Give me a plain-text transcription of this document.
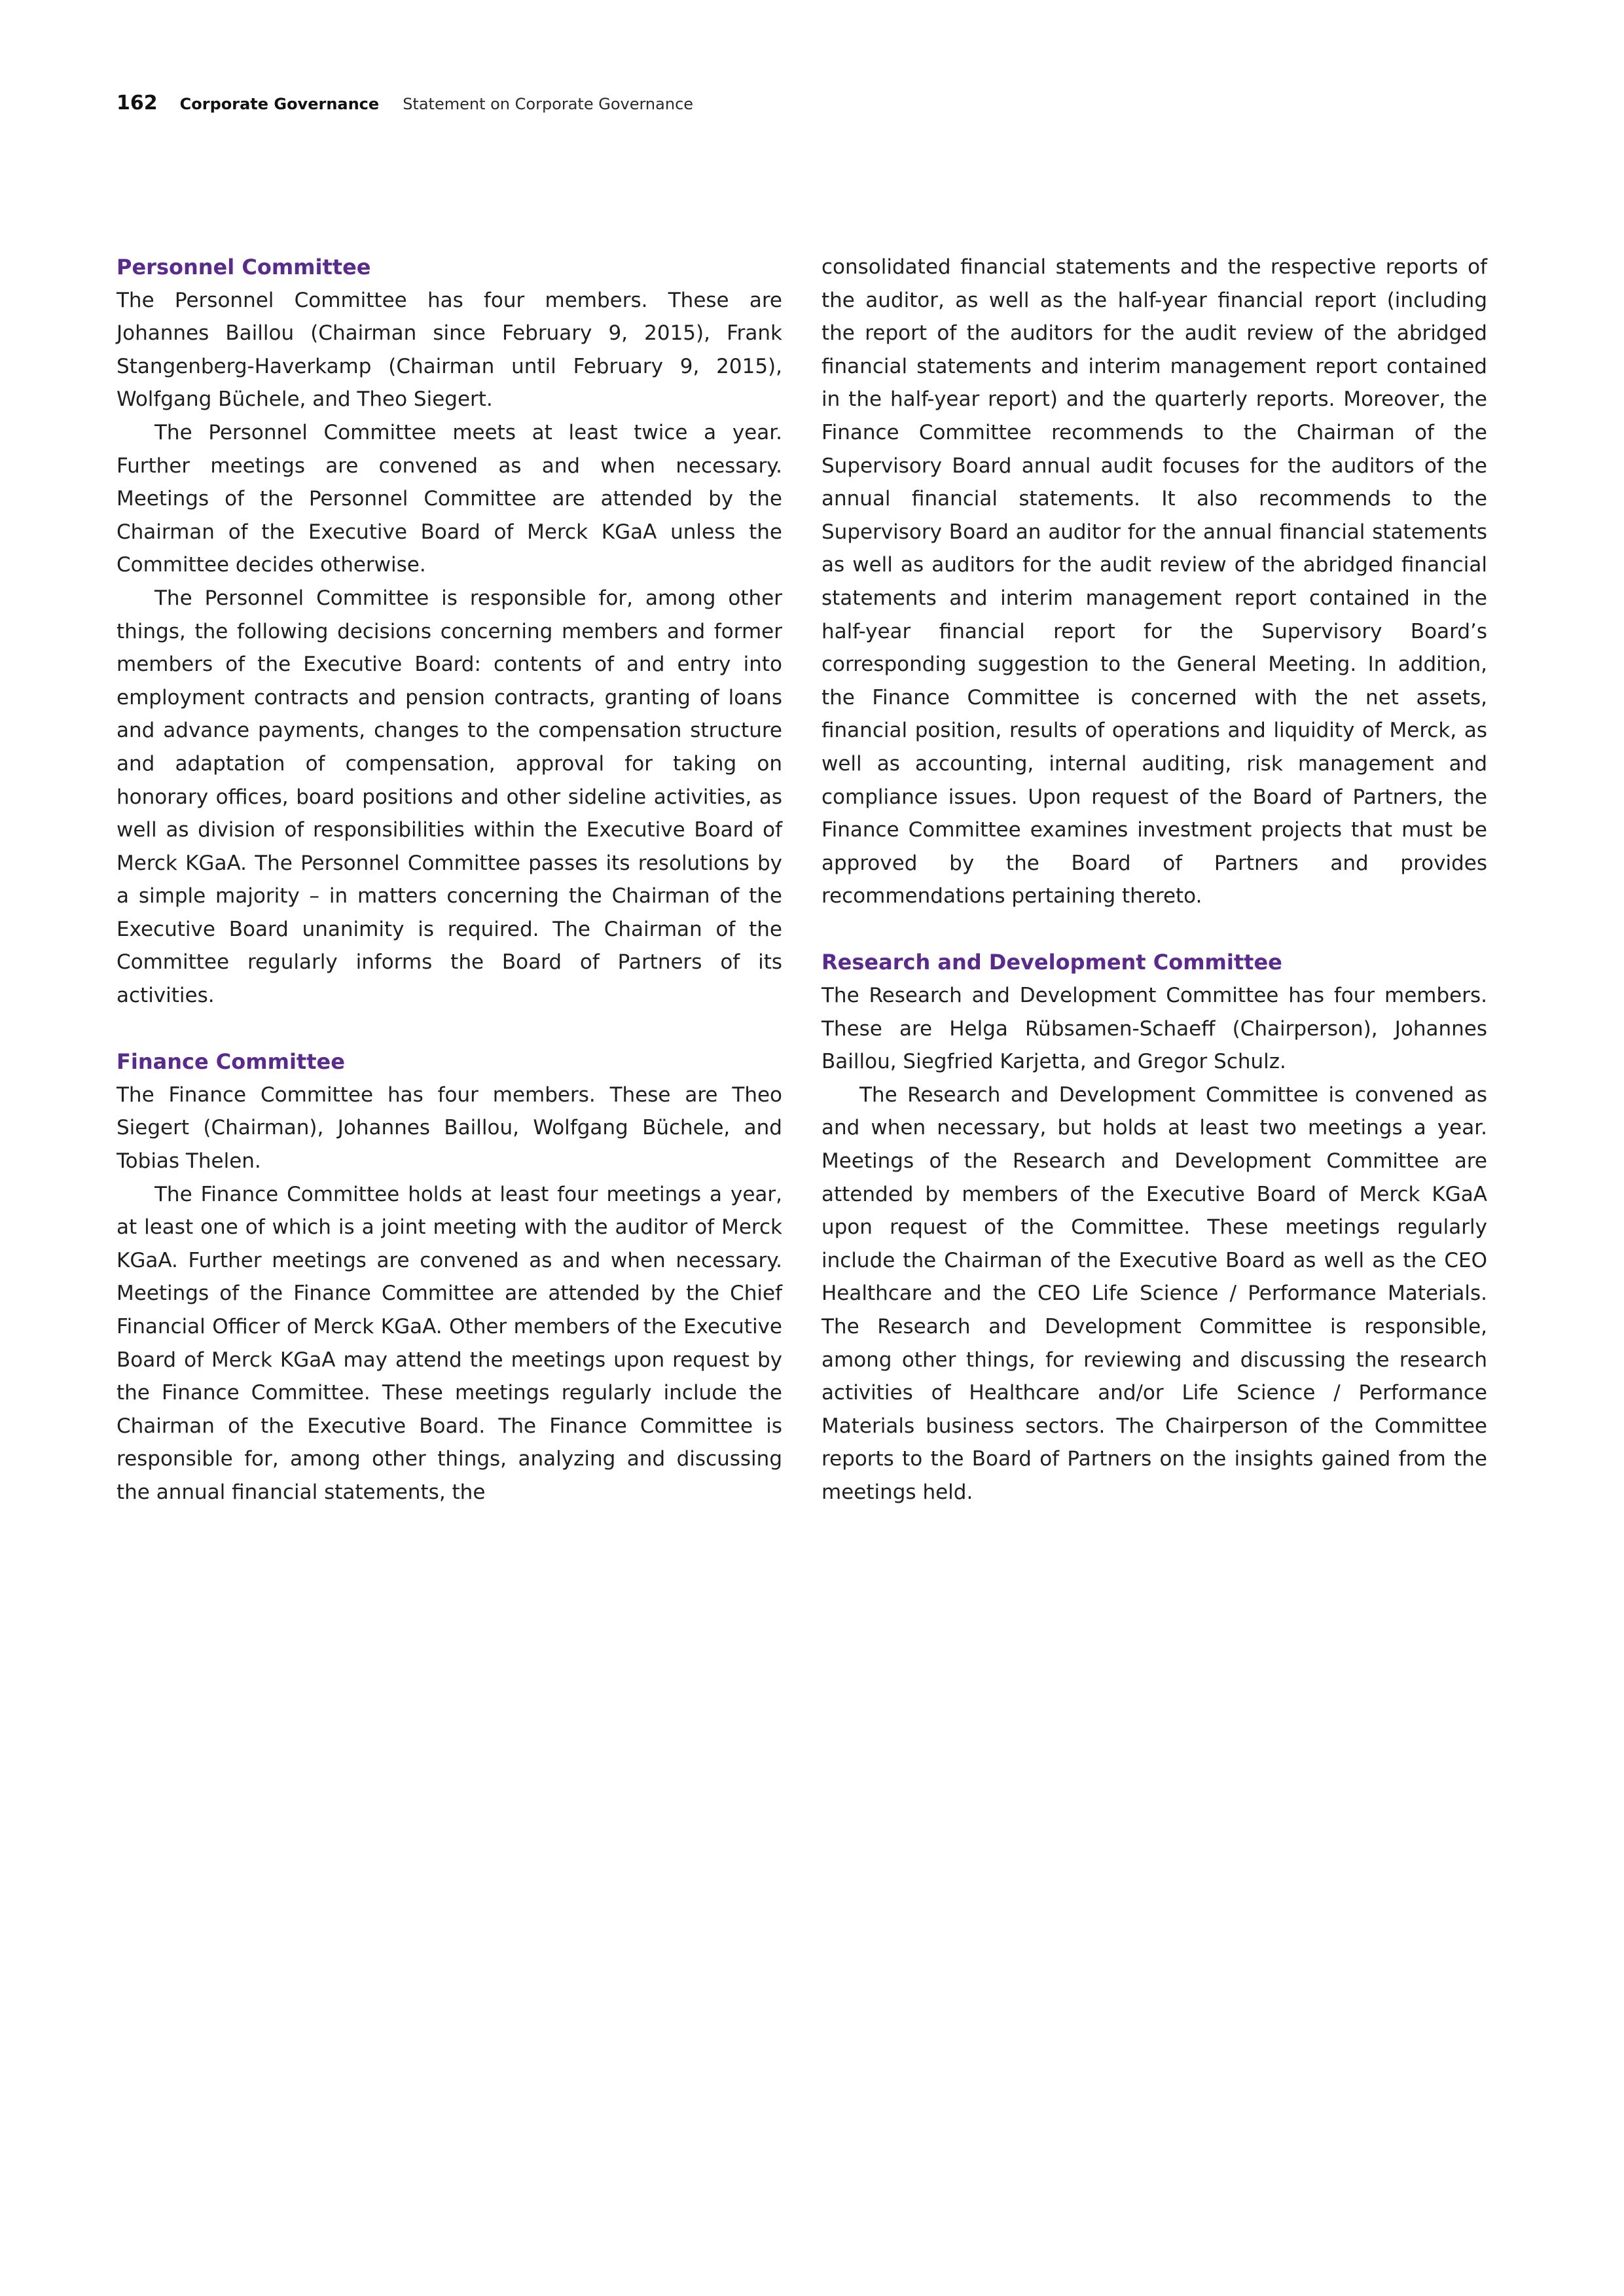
162 Corporate Governance Statement on Corporate Governance
Personnel Committee

The Personnel Committee has four members. These are Johannes Baillou (Chairman since February 9, 2015), Frank Stangenberg-Haverkamp (Chairman until February 9, 2015), Wolfgang Büchele, and Theo Siegert.

The Personnel Committee meets at least twice a year. Further meetings are convened as and when necessary. Meetings of the Personnel Committee are attended by the Chairman of the Executive Board of Merck KGaA unless the Committee decides otherwise.

The Personnel Committee is responsible for, among other things, the following decisions concerning members and former members of the Executive Board: contents of and entry into employment contracts and pension contracts, granting of loans and advance payments, changes to the compensation structure and adaptation of compensation, approval for taking on honorary offices, board positions and other sideline activities, as well as division of responsibilities within the Executive Board of Merck KGaA. The Personnel Committee passes its resolutions by a simple majority – in matters concerning the Chairman of the Executive Board unanimity is required. The Chairman of the Committee regularly informs the Board of Partners of its activities.

Finance Committee

The Finance Committee has four members. These are Theo Siegert (Chairman), Johannes Baillou, Wolfgang Büchele, and Tobias Thelen.

The Finance Committee holds at least four meetings a year, at least one of which is a joint meeting with the auditor of Merck KGaA. Further meetings are convened as and when necessary. Meetings of the Finance Committee are attended by the Chief Financial Officer of Merck KGaA. Other members of the Executive Board of Merck KGaA may attend the meetings upon request by the Finance Committee. These meetings regularly include the Chairman of the Executive Board. The Finance Committee is responsible for, among other things, analyzing and discussing the annual financial statements, the

consolidated financial statements and the respective reports of the auditor, as well as the half-year financial report (including the report of the auditors for the audit review of the abridged financial statements and interim management report contained in the half-year report) and the quarterly reports. Moreover, the Finance Committee recommends to the Chairman of the Supervisory Board annual audit focuses for the auditors of the annual financial statements. It also recommends to the Supervisory Board an auditor for the annual financial statements as well as auditors for the audit review of the abridged financial statements and interim management report contained in the half-year financial report for the Supervisory Board’s corresponding suggestion to the General Meeting. In addition, the Finance Committee is concerned with the net assets, financial position, results of operations and liquidity of Merck, as well as accounting, internal auditing, risk management and compliance issues. Upon request of the Board of Partners, the Finance Committee examines investment projects that must be approved by the Board of Partners and provides recommendations pertaining thereto.

Research and Development Committee

The Research and Development Committee has four members. These are Helga Rübsamen-Schaeff (Chairperson), Johannes Baillou, Siegfried Karjetta, and Gregor Schulz.

The Research and Development Committee is convened as and when necessary, but holds at least two meetings a year. Meetings of the Research and Development Committee are attended by members of the Executive Board of Merck KGaA upon request of the Committee. These meetings regularly include the Chairman of the Executive Board as well as the CEO Healthcare and the CEO Life Science / Performance Materials. The Research and Development Committee is responsible, among other things, for reviewing and discussing the research activities of Healthcare and/or Life Science / Performance Materials business sectors. The Chairperson of the Committee reports to the Board of Partners on the insights gained from the meetings held.
